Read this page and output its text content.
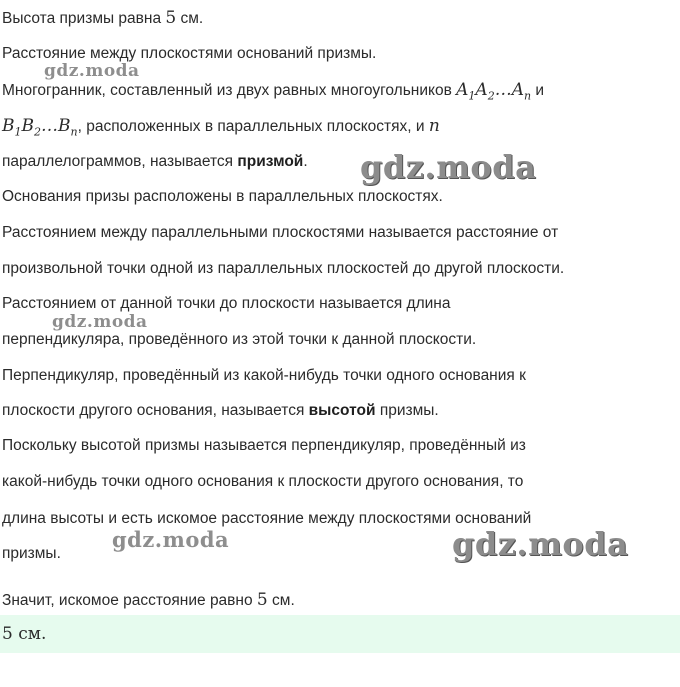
Высота призмы равна 5 см.
Расстояние между плоскостями оснований призмы.
Многогранник, составленный из двух равных многоугольников $A_1A_2\dots A_n$ и
$B_1B_2\dots B_n$, расположенных в параллельных плоскостях, и n
параллелограммов, называется призмой.
Основания призы расположены в параллельных плоскостях.
Расстоянием между параллельными плоскостями называется расстояние от
произвольной точки одной из параллельных плоскостей до другой плоскости.
Расстоянием от данной точки до плоскости называется длина
перпендикуляра, проведённого из этой точки к данной плоскости.
Перпендикуляр, проведённый из какой-нибудь точки одного основания к
плоскости другого основания, называется высотой призмы.
Поскольку высотой призмы называется перпендикуляр, проведённый из
какой-нибудь точки одного основания к плоскости другого основания, то
длина высоты и есть искомое расстояние между плоскостями оснований
призмы.
Значит, искомое расстояние равно 5 см.
5 см.
gdz.moda
gdz.moda
gdz.moda
gdz.moda	gdz.moda
